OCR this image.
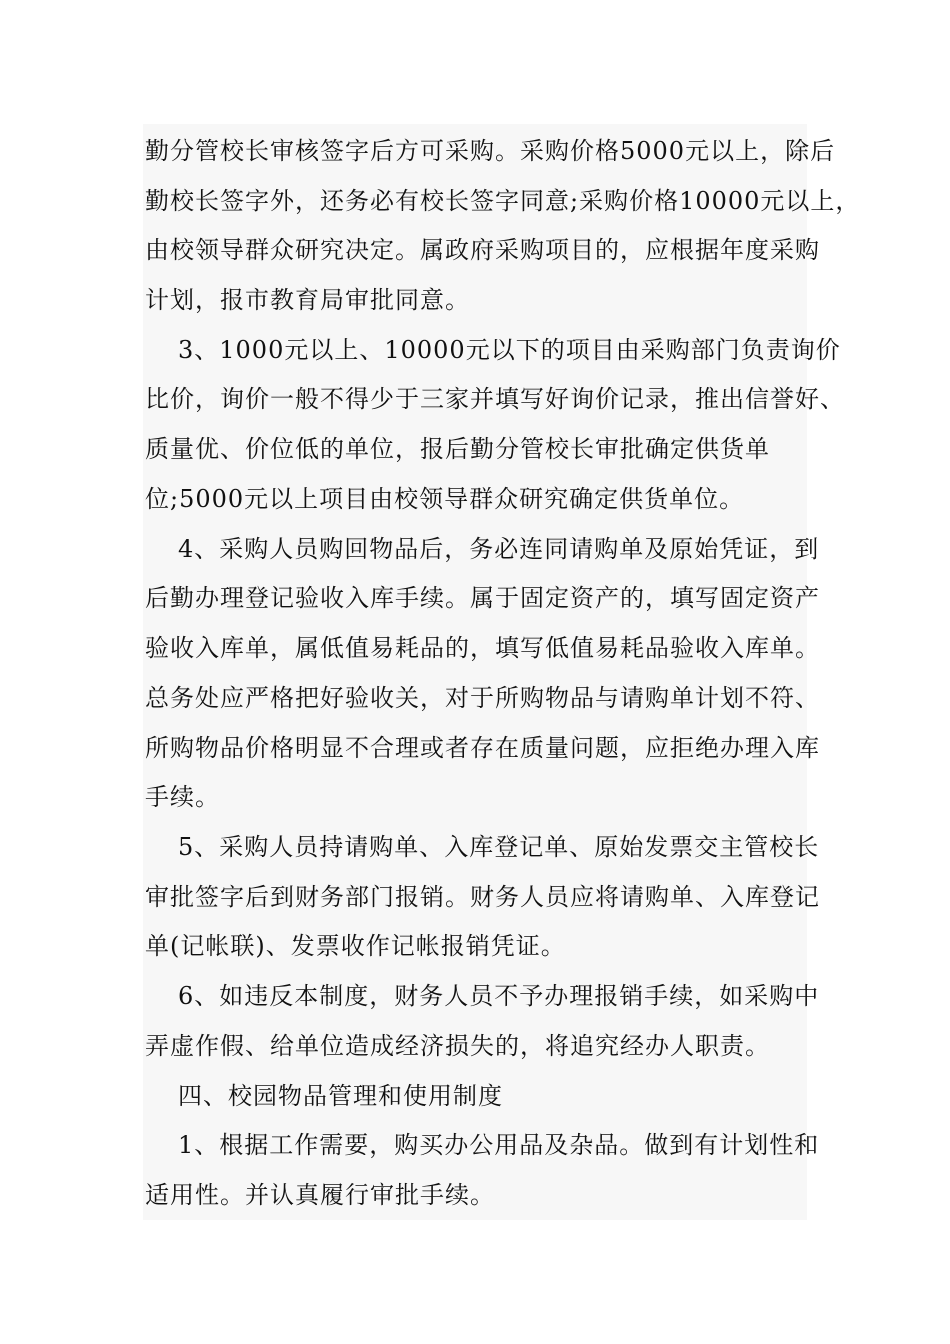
勤分管校长审核签字后方可采购。采购价格5000元以上，除后
勤校长签字外，还务必有校长签字同意;采购价格10000元以上，
由校领导群众研究决定。属政府采购项目的，应根据年度采购
计划，报市教育局审批同意。
3、1000元以上、10000元以下的项目由采购部门负责询价
比价，询价一般不得少于三家并填写好询价记录，推出信誉好、
质量优、价位低的单位，报后勤分管校长审批确定供货单
位;5000元以上项目由校领导群众研究确定供货单位。
4、采购人员购回物品后，务必连同请购单及原始凭证，到
后勤办理登记验收入库手续。属于固定资产的，填写固定资产
验收入库单，属低值易耗品的，填写低值易耗品验收入库单。
总务处应严格把好验收关，对于所购物品与请购单计划不符、
所购物品价格明显不合理或者存在质量问题，应拒绝办理入库
手续。
5、采购人员持请购单、入库登记单、原始发票交主管校长
审批签字后到财务部门报销。财务人员应将请购单、入库登记
单(记帐联)、发票收作记帐报销凭证。
6、如违反本制度，财务人员不予办理报销手续，如采购中
弄虚作假、给单位造成经济损失的，将追究经办人职责。
四、校园物品管理和使用制度
1、根据工作需要，购买办公用品及杂品。做到有计划性和
适用性。并认真履行审批手续。
